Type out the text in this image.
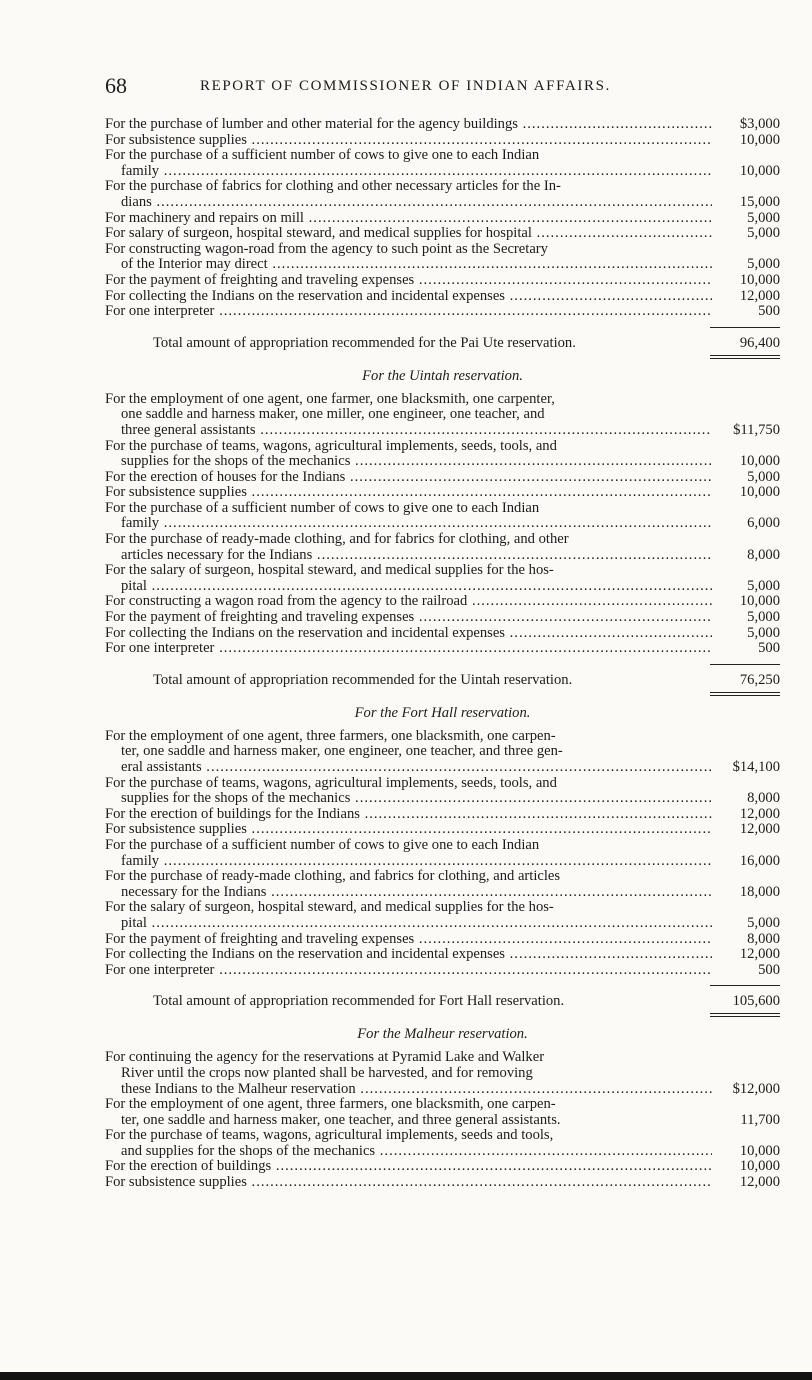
68	REPORT OF COMMISSIONER OF INDIAN AFFAIRS.
For the purchase of lumber and other material for the agency buildings .....	$3,000
For subsistence supplies .....	10,000
For the purchase of a sufficient number of cows to give one to each Indian
family .....	10,000
For the purchase of fabrics for clothing and other necessary articles for the In-
dians .....	15,000
For machinery and repairs on mill .....	5,000
For salary of surgeon, hospital steward, and medical supplies for hospital .....	5,000
For constructing wagon-road from the agency to such point as the Secretary
of the Interior may direct .....	5,000
For the payment of freighting and traveling expenses .....	10,000
For collecting the Indians on the reservation and incidental expenses .....	12,000
For one interpreter .....	500
Total amount of appropriation recommended for the Pai Ute reservation.	96,400
For the Uintah reservation.
For the employment of one agent, one farmer, one blacksmith, one carpenter,
one saddle and harness maker, one miller, one engineer, one teacher, and
three general assistants .....	$11,750
For the purchase of teams, wagons, agricultural implements, seeds, tools, and
supplies for the shops of the mechanics .....	10,000
For the erection of houses for the Indians .....	5,000
For subsistence supplies .....	10,000
For the purchase of a sufficient number of cows to give one to each Indian
family .....	6,000
For the purchase of ready-made clothing, and for fabrics for clothing, and other
articles necessary for the Indians .....	8,000
For the salary of surgeon, hospital steward, and medical supplies for the hos-
pital .....	5,000
For constructing a wagon road from the agency to the railroad .....	10,000
For the payment of freighting and traveling expenses .....	5,000
For collecting the Indians on the reservation and incidental expenses .....	5,000
For one interpreter .....	500
Total amount of appropriation recommended for the Uintah reservation.	76,250
For the Fort Hall reservation.
For the employment of one agent, three farmers, one blacksmith, one carpen-
ter, one saddle and harness maker, one engineer, one teacher, and three gen-
eral assistants .....	$14,100
For the purchase of teams, wagons, agricultural implements, seeds, tools, and
supplies for the shops of the mechanics .....	8,000
For the erection of buildings for the Indians .....	12,000
For subsistence supplies .....	12,000
For the purchase of a sufficient number of cows to give one to each Indian
family .....	16,000
For the purchase of ready-made clothing, and fabrics for clothing, and articles
necessary for the Indians .....	18,000
For the salary of surgeon, hospital steward, and medical supplies for the hos-
pital .....	5,000
For the payment of freighting and traveling expenses .....	8,000
For collecting the Indians on the reservation and incidental expenses .....	12,000
For one interpreter .....	500
Total amount of appropriation recommended for Fort Hall reservation.	105,600
For the Malheur reservation.
For continuing the agency for the reservations at Pyramid Lake and Walker
River until the crops now planted shall be harvested, and for removing
these Indians to the Malheur reservation .....	$12,000
For the employment of one agent, three farmers, one blacksmith, one carpen-
ter, one saddle and harness maker, one teacher, and three general assistants.	11,700
For the purchase of teams, wagons, agricultural implements, seeds and tools,
and supplies for the shops of the mechanics .....	10,000
For the erection of buildings .....	10,000
For subsistence supplies .....	12,000
